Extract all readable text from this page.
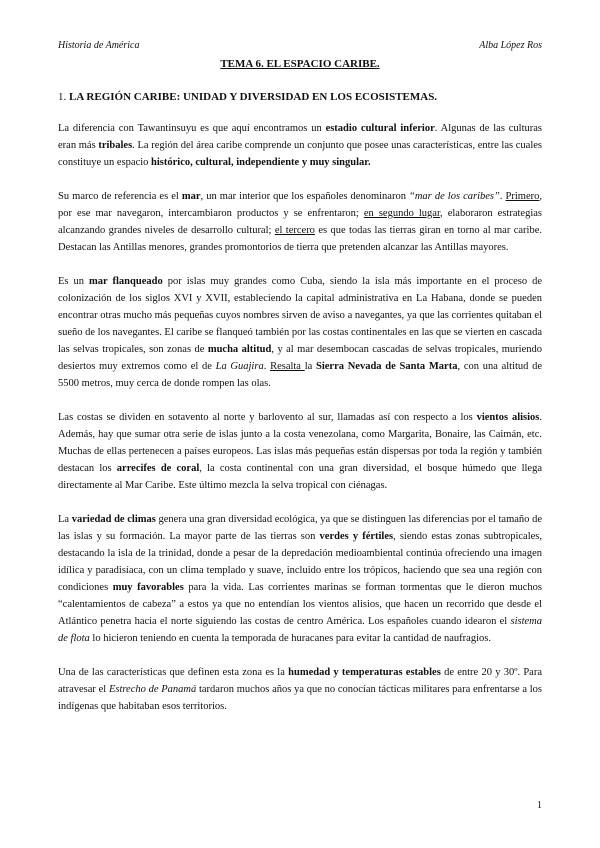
Historia de América	Alba López Ros
TEMA 6. EL ESPACIO CARIBE.
1. LA REGIÓN CARIBE: UNIDAD Y DIVERSIDAD EN LOS ECOSISTEMAS.

La diferencia con Tawantinsuyu es que aquí encontramos un estadio cultural inferior. Algunas de las culturas eran más tribales. La región del área caribe comprende un conjunto que posee unas características, entre las cuales constituye un espacio histórico, cultural, independiente y muy singular.

Su marco de referencia es el mar, un mar interior que los españoles denominaron “mar de los caribes”. Primero, por ese mar navegaron, intercambiaron productos y se enfrentaron; en segundo lugar, elaboraron estrategias alcanzando grandes niveles de desarrollo cultural; el tercero es que todas las tierras giran en torno al mar caribe. Destacan las Antillas menores, grandes promontorios de tierra que pretenden alcanzar las Antillas mayores.

Es un mar flanqueado por islas muy grandes como Cuba, siendo la isla más importante en el proceso de colonización de los siglos XVI y XVII, estableciendo la capital administrativa en La Habana, donde se pueden encontrar otras mucho más pequeñas cuyos nombres sirven de aviso a navegantes, ya que las corrientes quitaban el sueño de los navegantes. El caribe se flanqueó también por las costas continentales en las que se vierten en cascada las selvas tropicales, son zonas de mucha altitud, y al mar desembocan cascadas de selvas tropicales, muriendo desiertos muy extremos como el de La Guajira. Resalta la Sierra Nevada de Santa Marta, con una altitud de 5500 metros, muy cerca de donde rompen las olas.

Las costas se dividen en sotavento al norte y barlovento al sur, llamadas así con respecto a los vientos alisios. Además, hay que sumar otra serie de islas junto a la costa venezolana, como Margarita, Bonaire, las Caimán, etc. Muchas de ellas pertenecen a países europeos. Las islas más pequeñas están dispersas por toda la región y también destacan los arrecifes de coral, la costa continental con una gran diversidad, el bosque húmedo que llega directamente al Mar Caribe. Este último mezcla la selva tropical con ciénagas.

La variedad de climas genera una gran diversidad ecológica, ya que se distinguen las diferencias por el tamaño de las islas y su formación. La mayor parte de las tierras son verdes y fértiles, siendo estas zonas subtropicales, destacando la isla de la trinidad, donde a pesar de la depredación medioambiental continúa ofreciendo una imagen idílica y paradisíaca, con un clima templado y suave, incluido entre los trópicos, haciendo que sea una región con condiciones muy favorables para la vida. Las corrientes marinas se forman tormentas que le dieron muchos “calentamientos de cabeza” a estos ya que no entendían los vientos alisios, que hacen un recorrido que desde el Atlántico penetra hacia el norte siguiendo las costas de centro América. Los españoles cuando idearon el sistema de flota lo hicieron teniendo en cuenta la temporada de huracanes para evitar la cantidad de naufragios.

Una de las características que definen esta zona es la humedad y temperaturas estables de entre 20 y 30º. Para atravesar el Estrecho de Panamá tardaron muchos años ya que no conocían tácticas militares para enfrentarse a los indígenas que habitaban esos territorios.

1
